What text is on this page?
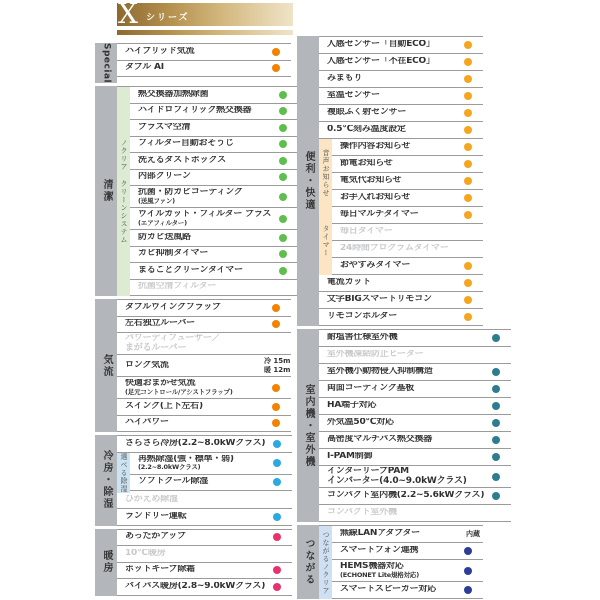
X シリーズ
Special	ハイブリッド気流
ダブル AI
清潔	ノクリア クリーンシステム
熱交換器加熱除菌
ハイドロフィリック熱交換器
プラズマ空清
フィルター自動おそうじ
洗えるダストボックス
内部クリーン
抗菌・防カビコーティング
(送風ファン)
ウイルカット・フィルター プラス
(エアフィルター)
防カビ送風路
カビ抑制タイマー
まるごとクリーンタイマー
抗菌空清フィルター
気流
ダブルウイングフラップ
左右独立ルーバー
パワーディフューザー／
まがるルーバー
ロング気流	冷 15m
暖 12m
快適おまかせ気流
(足元コントロール/アシストフラップ)
スイング(上下左右)
ハイパワー
冷房・除湿
さらさら冷房(2.2~8.0kWクラス)
選べる除湿 再熱除湿(強・標準・弱)
(2.2~8.0kWクラス)
ソフトクール除湿
ひかえめ除湿
ランドリー運転
暖房
あったかアップ
10℃暖房
ホットキープ除霜
バイパス暖房(2.8~9.0kWクラス)
便利・快適
人感センサー「自動ECO」
人感センサー「不在ECO」
みまもり
室温センサー
複眼ふく射センサー
0.5℃刻み温度設定
音声お知らせ
操作内容お知らせ
節電お知らせ
電気代お知らせ
お手入れお知らせ
タイマー
毎日マルチタイマー
毎日タイマー
24時間プログラムタイマー
おやすみタイマー
電流カット
文字BIGスマートリモコン
リモコンホルダー
室内機・室外機
耐塩害仕様室外機
室外機凍結防止ヒーター
室外機小動物侵入抑制構造
両面コーティング基板
HA端子対応
外気温50℃対応
高密度マルチパス熱交換器
I-PAM制御
インターリーブPAM
インバーター(4.0~9.0kWクラス)
コンパクト室内機(2.2~5.6kWクラス)
コンパクト室外機
つながる	つながるノクリア 無線LANアダプター	内蔵
スマートフォン連携
HEMS機器対応
(ECHONET Lite規格対応)
スマートスピーカー対応
